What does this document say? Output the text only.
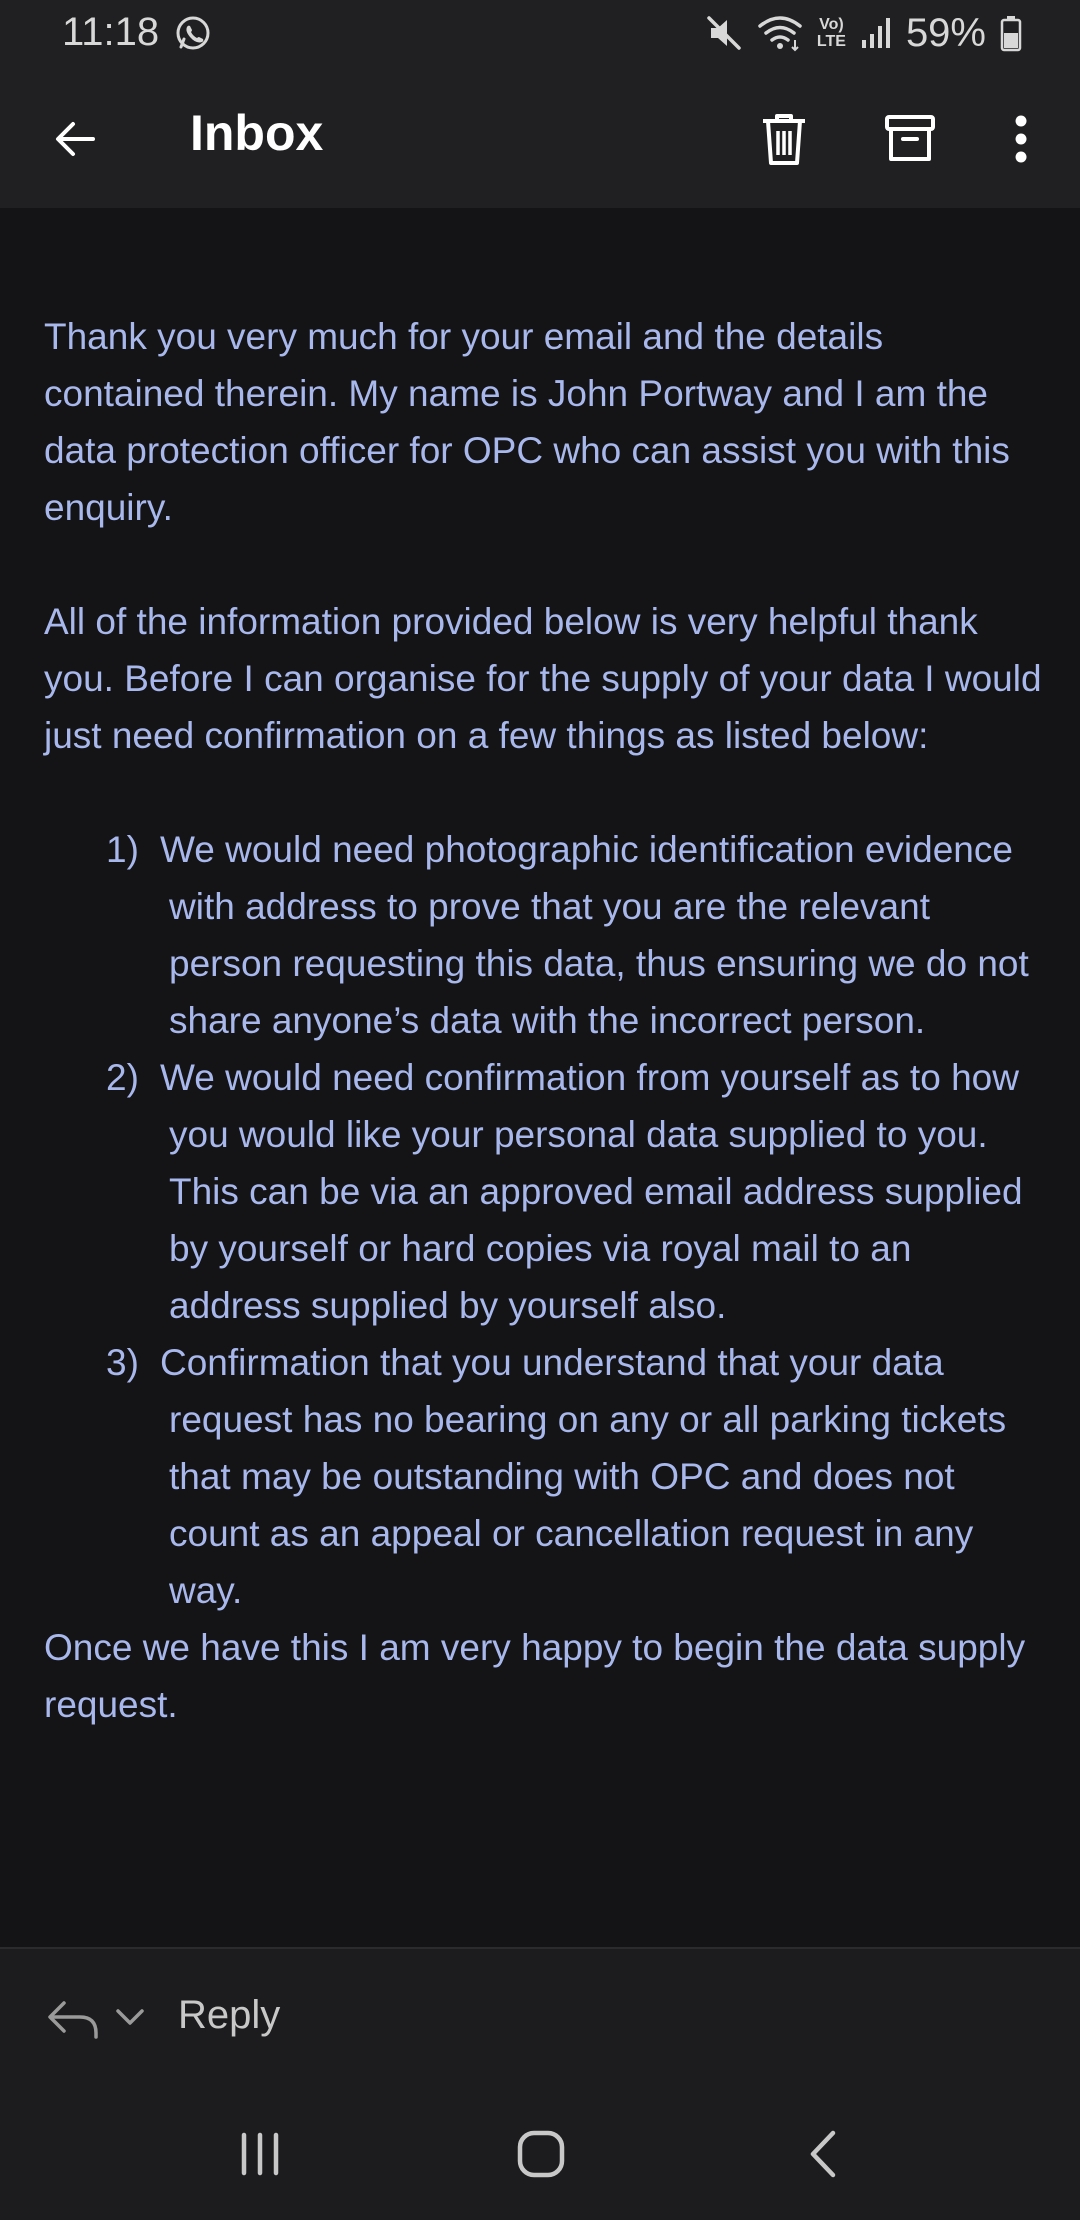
11:18	Vo)
LTE 59%
Inbox

Thank you very much for your email and the details contained therein. My name is John Portway and I am the data protection officer for OPC who can assist you with this enquiry.

All of the information provided below is very helpful thank you. Before I can organise for the supply of your data I would just need confirmation on a few things as listed below:

1) We would need photographic identification evidence with address to prove that you are the relevant person requesting this data, thus ensuring we do not share anyone’s data with the incorrect person.
2) We would need confirmation from yourself as to how you would like your personal data supplied to you. This can be via an approved email address supplied by yourself or hard copies via royal mail to an address supplied by yourself also.
3) Confirmation that you understand that your data request has no bearing on any or all parking tickets that may be outstanding with OPC and does not count as an appeal or cancellation request in any way.

Once we have this I am very happy to begin the data supply request.

Reply
